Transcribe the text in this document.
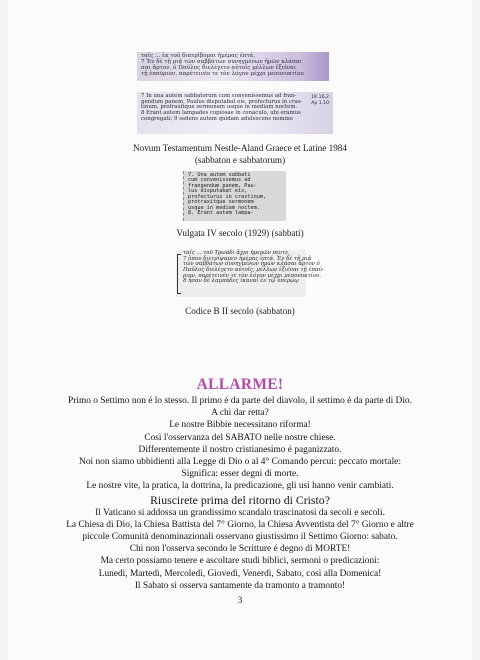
ταῖς ... ἐκ τοῦ διατρίβομαι ἡμέρας ἑπτά,
7 Ἐν δὲ τῇ μιᾷ τῶν σαββάτων συνηγμένων ἡμῶν κλάσαι
σαι ἄρτον, ὁ Παῦλος διελέγετο αὐτοῖς μέλλων ἐξιέναι
τῇ ἐπαύριον, παρέτεινέν τε τὸν λόγον μέχρι μεσονυκτίου
7 In una autem sabbatorum cum convenissemus ad fran-
gendum panem, Paulus disputabat eis, profecturus in cras-
tinum, protraxitque sermonem usque in mediam noctem.
8 Erant autem lampades copiosae in cenaculo, ubi eramus
congregati; 9 sedens autem quidam adulescens nomine
1K 16,2
Ap 1,10
Novum Testamentum Nestle-Aland Graece et Latine 1984
(sabbaton e sabbatorum)
7. Una autem sabbati
cum convenissemus ad
frangendum panem, Pau-
lus disputabat eis,
profecturus in crastinum,
protraxitque sermonem
usque in mediam noctem.
8. Erant autem lampa-
Vulgata IV secolo (1929) (sabbati)
ταῖς ... τοῦ Τρωάδι ἄχρι ἡμερῶν πέντε,
7 ὅπου διετρίψαμεν ἡμέρας ἑπτά. Ἐν δὲ τῇ μιᾷ
τῶν σαββάτων συνηγμένων ἡμῶν κλάσαι ἄρτον ὁ
Παῦλος διελέγετο αὐτοῖς, μέλλων ἐξιέναι τῇ ἐπαύ-
ριον, παρέτεινέν τε τὸν λόγον μέχρι μεσονυκτίου.
8 ἦσαν δὲ λαμπάδες ἱκαναὶ ἐν τῷ ὑπερῴῳ
Codice B II secolo (sabbaton)
ALLARME!
Primo o Settimo non é lo stesso. Il primo é da parte del diavolo, il settimo é da parte di Dio.
A chi dar retta?
Le nostre Bibbie necessitano riforma!
Così l'osservanza del SABATO nelle nostre chiese.
Differentemente il nostro cristianesimo é paganizzato.
Noi non siamo ubbidienti alla Legge di Dio o al 4° Comando percui: peccato mortale:
Significa: esser degni di morte.
Le nostre vite, la pratica, la dottrina, la predicazione, gli usi hanno venir cambiati.
Riuscirete prima del ritorno di Cristo?
Il Vaticano si addossa un grandissimo scandalo trascinatosi da secoli e secoli.
La Chiesa di Dio, la Chiesa Battista del 7° Giorno, la Chiesa Avventista del 7° Giorno e altre
piccole Comunità denominazionali osservano giustissimo il Settimo Giorno: sabato.
Chi non l'osserva secondo le Scritture é degno di MORTE!
Ma certo possiamo tenere e ascoltare studi biblici, sermoni o predicazioni:
Lunedì, Martedì, Mercoledì, Giovedì, Venerdì, Sabato, così alla Domenica!
Il Sabato si osserva santamente da tramonto a tramonto!
3
